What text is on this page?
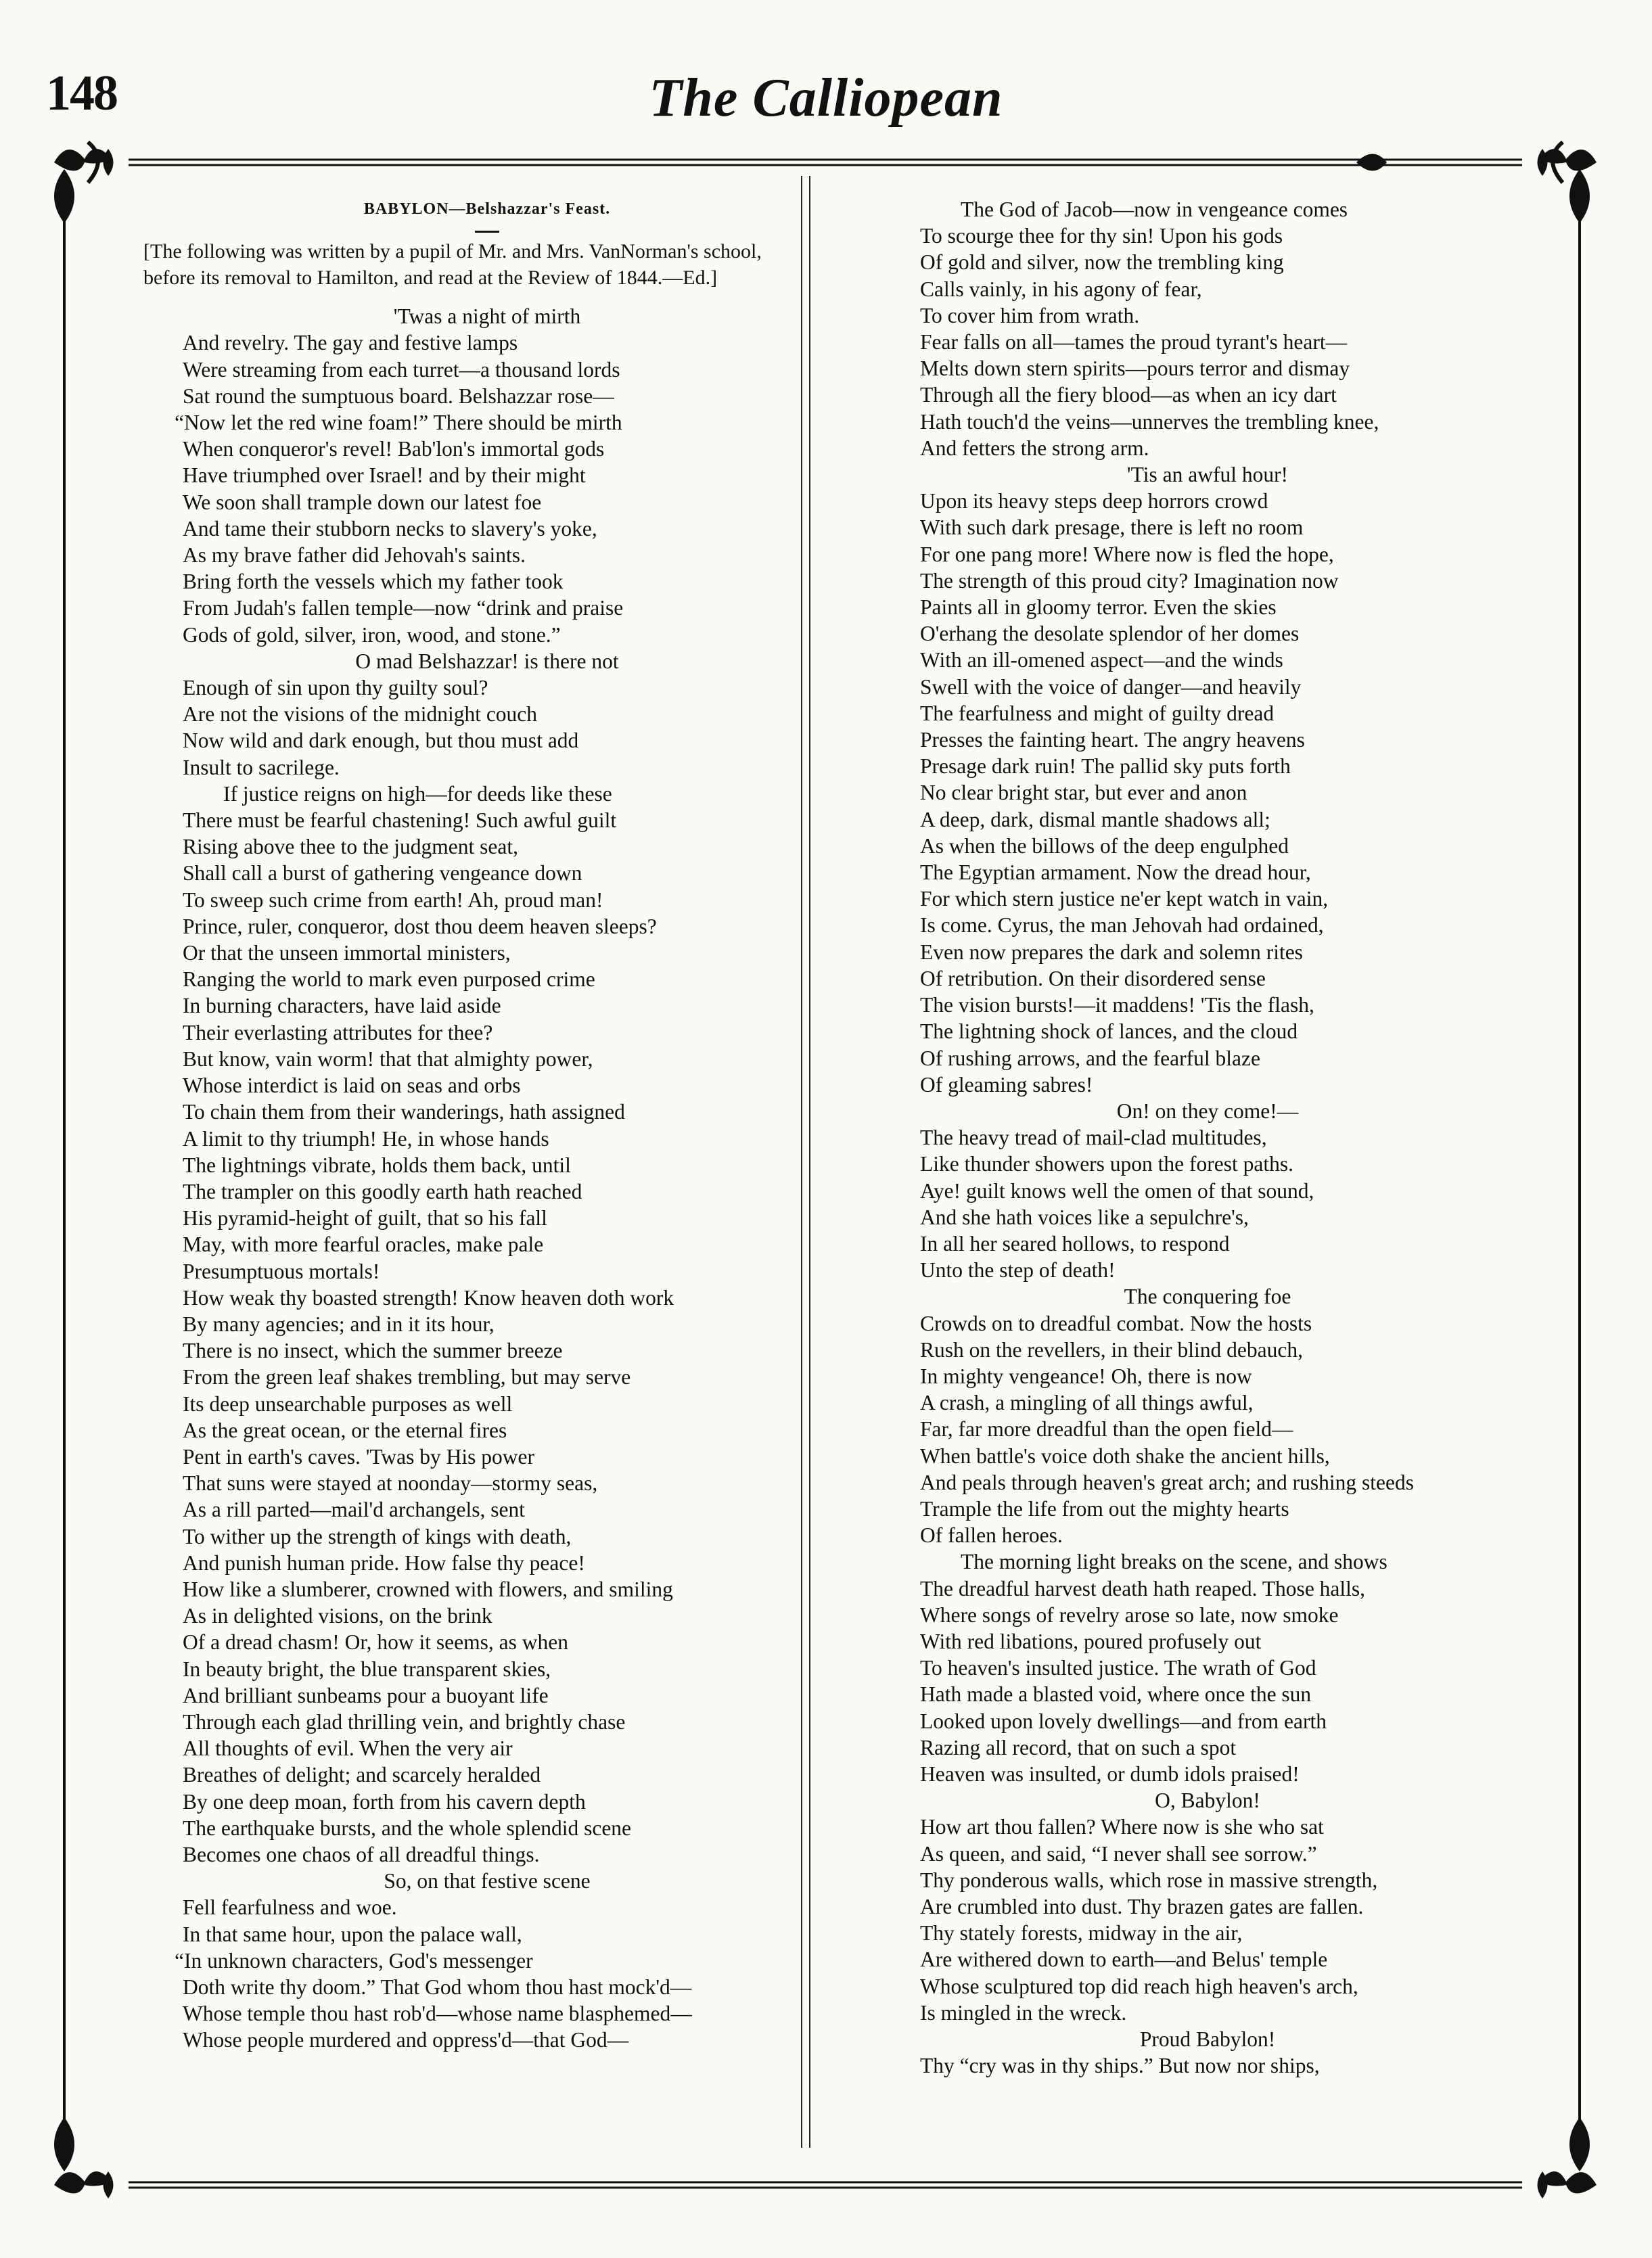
148	The Calliopean
BABYLON—Belshazzar's Feast.
[The following was written by a pupil of Mr. and Mrs. VanNorman's school,
before its removal to Hamilton, and read at the Review of 1844.—Ed.]
'Twas a night of mirth
And revelry. The gay and festive lamps
Were streaming from each turret—a thousand lords
Sat round the sumptuous board. Belshazzar rose—
“Now let the red wine foam!” There should be mirth
When conqueror's revel! Bab'lon's immortal gods
Have triumphed over Israel! and by their might
We soon shall trample down our latest foe
And tame their stubborn necks to slavery's yoke,
As my brave father did Jehovah's saints.
Bring forth the vessels which my father took
From Judah's fallen temple—now “drink and praise
Gods of gold, silver, iron, wood, and stone.”
O mad Belshazzar! is there not
Enough of sin upon thy guilty soul?
Are not the visions of the midnight couch
Now wild and dark enough, but thou must add
Insult to sacrilege.
If justice reigns on high—for deeds like these
There must be fearful chastening! Such awful guilt
Rising above thee to the judgment seat,
Shall call a burst of gathering vengeance down
To sweep such crime from earth! Ah, proud man!
Prince, ruler, conqueror, dost thou deem heaven sleeps?
Or that the unseen immortal ministers,
Ranging the world to mark even purposed crime
In burning characters, have laid aside
Their everlasting attributes for thee?
But know, vain worm! that that almighty power,
Whose interdict is laid on seas and orbs
To chain them from their wanderings, hath assigned
A limit to thy triumph! He, in whose hands
The lightnings vibrate, holds them back, until
The trampler on this goodly earth hath reached
His pyramid-height of guilt, that so his fall
May, with more fearful oracles, make pale
Presumptuous mortals!
How weak thy boasted strength! Know heaven doth work
By many agencies; and in it its hour,
There is no insect, which the summer breeze
From the green leaf shakes trembling, but may serve
Its deep unsearchable purposes as well
As the great ocean, or the eternal fires
Pent in earth's caves. 'Twas by His power
That suns were stayed at noonday—stormy seas,
As a rill parted—mail'd archangels, sent
To wither up the strength of kings with death,
And punish human pride. How false thy peace!
How like a slumberer, crowned with flowers, and smiling
As in delighted visions, on the brink
Of a dread chasm! Or, how it seems, as when
In beauty bright, the blue transparent skies,
And brilliant sunbeams pour a buoyant life
Through each glad thrilling vein, and brightly chase
All thoughts of evil. When the very air
Breathes of delight; and scarcely heralded
By one deep moan, forth from his cavern depth
The earthquake bursts, and the whole splendid scene
Becomes one chaos of all dreadful things.
So, on that festive scene
Fell fearfulness and woe.
In that same hour, upon the palace wall,
“In unknown characters, God's messenger
Doth write thy doom.” That God whom thou hast mock'd—
Whose temple thou hast rob'd—whose name blasphemed—
Whose people murdered and oppress'd—that God—
The God of Jacob—now in vengeance comes
To scourge thee for thy sin! Upon his gods
Of gold and silver, now the trembling king
Calls vainly, in his agony of fear,
To cover him from wrath.
Fear falls on all—tames the proud tyrant's heart—
Melts down stern spirits—pours terror and dismay
Through all the fiery blood—as when an icy dart
Hath touch'd the veins—unnerves the trembling knee,
And fetters the strong arm.
'Tis an awful hour!
Upon its heavy steps deep horrors crowd
With such dark presage, there is left no room
For one pang more! Where now is fled the hope,
The strength of this proud city? Imagination now
Paints all in gloomy terror. Even the skies
O'erhang the desolate splendor of her domes
With an ill-omened aspect—and the winds
Swell with the voice of danger—and heavily
The fearfulness and might of guilty dread
Presses the fainting heart. The angry heavens
Presage dark ruin! The pallid sky puts forth
No clear bright star, but ever and anon
A deep, dark, dismal mantle shadows all;
As when the billows of the deep engulphed
The Egyptian armament. Now the dread hour,
For which stern justice ne'er kept watch in vain,
Is come. Cyrus, the man Jehovah had ordained,
Even now prepares the dark and solemn rites
Of retribution. On their disordered sense
The vision bursts!—it maddens! 'Tis the flash,
The lightning shock of lances, and the cloud
Of rushing arrows, and the fearful blaze
Of gleaming sabres!
On! on they come!—
The heavy tread of mail-clad multitudes,
Like thunder showers upon the forest paths.
Aye! guilt knows well the omen of that sound,
And she hath voices like a sepulchre's,
In all her seared hollows, to respond
Unto the step of death!
The conquering foe
Crowds on to dreadful combat. Now the hosts
Rush on the revellers, in their blind debauch,
In mighty vengeance! Oh, there is now
A crash, a mingling of all things awful,
Far, far more dreadful than the open field—
When battle's voice doth shake the ancient hills,
And peals through heaven's great arch; and rushing steeds
Trample the life from out the mighty hearts
Of fallen heroes.
The morning light breaks on the scene, and shows
The dreadful harvest death hath reaped. Those halls,
Where songs of revelry arose so late, now smoke
With red libations, poured profusely out
To heaven's insulted justice. The wrath of God
Hath made a blasted void, where once the sun
Looked upon lovely dwellings—and from earth
Razing all record, that on such a spot
Heaven was insulted, or dumb idols praised!
O, Babylon!
How art thou fallen? Where now is she who sat
As queen, and said, “I never shall see sorrow.”
Thy ponderous walls, which rose in massive strength,
Are crumbled into dust. Thy brazen gates are fallen.
Thy stately forests, midway in the air,
Are withered down to earth—and Belus' temple
Whose sculptured top did reach high heaven's arch,
Is mingled in the wreck.
Proud Babylon!
Thy “cry was in thy ships.” But now nor ships,
